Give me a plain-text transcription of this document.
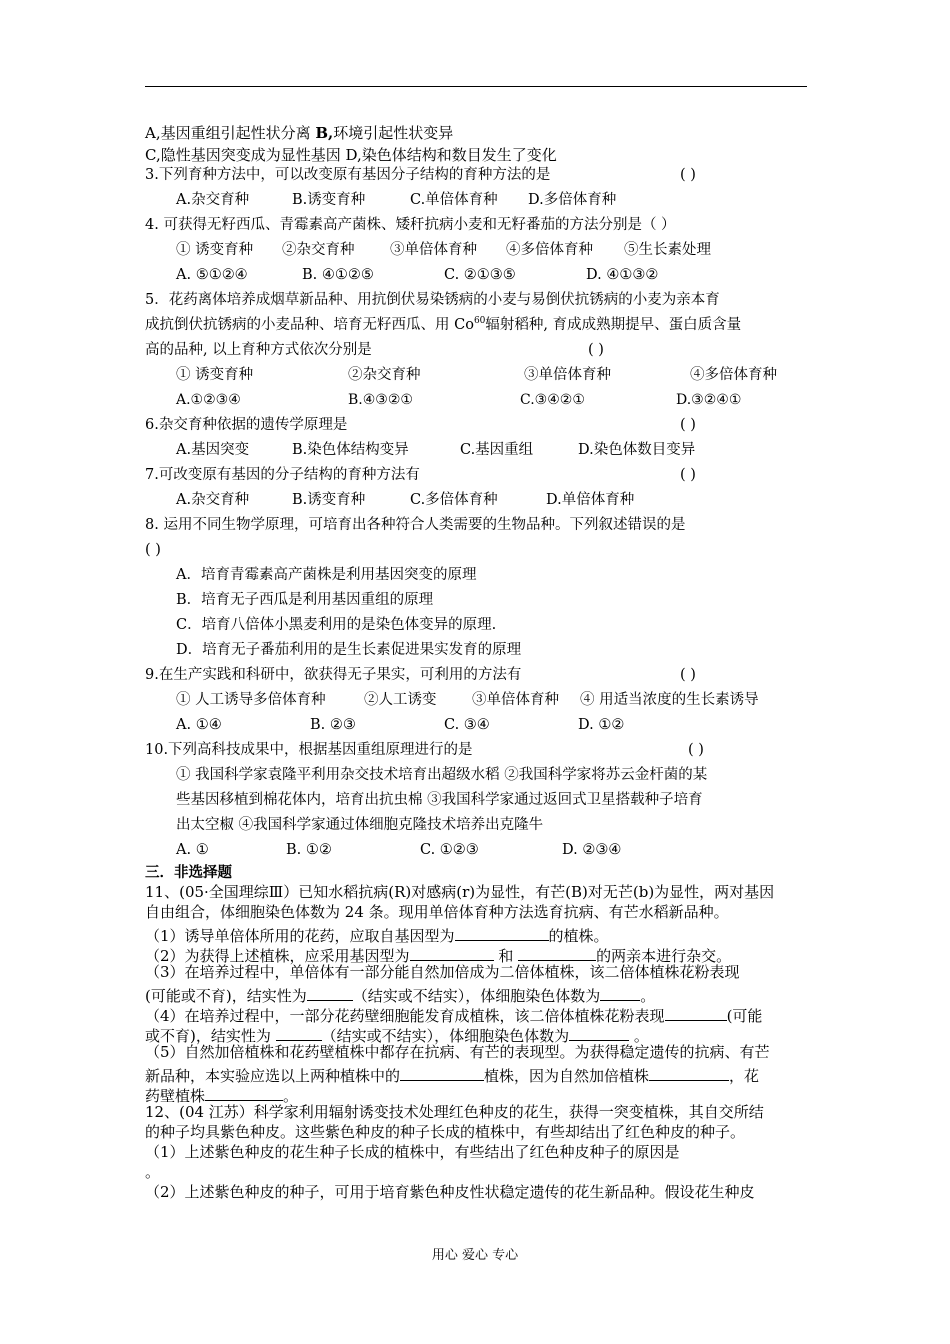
A,基因重组引起性状分离 B,环境引起性状变异
C,隐性基因突变成为显性基因 D,染色体结构和数目发生了变化
3.下列育种方法中，可以改变原有基因分子结构的育种方法的是	( )
A.杂交育种	B.诱变育种	C.单倍体育种 D.多倍体育种
4. 可获得无籽西瓜、青霉素高产菌株、矮秆抗病小麦和无籽番茄的方法分别是（ ）
① 诱变育种 ②杂交育种 ③单倍体育种 ④多倍体育种 ⑤生长素处理
A. ⑤①②④	B. ④①②⑤	C. ②①③⑤	D. ④①③②
5．花药离体培养成烟草新品种、用抗倒伏易染锈病的小麦与易倒伏抗锈病的小麦为亲本育
成抗倒伏抗锈病的小麦品种、培育无籽西瓜、用 Co$^{60}$辐射稻种, 育成成熟期提早、蛋白质含量
高的品种, 以上育种方式依次分别是	( )
① 诱变育种	②杂交育种	③单倍体育种	④多倍体育种
A.①②③④	B.④③②①	C.③④②①	D.③②④①
6.杂交育种依据的遗传学原理是	( )
A.基因突变	B.染色体结构变异	C.基因重组	D.染色体数目变异
7.可改变原有基因的分子结构的育种方法有	( )
A.杂交育种	B.诱变育种	C.多倍体育种	D.单倍体育种
8. 运用不同生物学原理，可培育出各种符合人类需要的生物品种。下列叙述错误的是
( )
A．培育青霉素高产菌株是利用基因突变的原理
B．培育无子西瓜是利用基因重组的原理
C．培育八倍体小黑麦利用的是染色体变异的原理.
D．培育无子番茄利用的是生长素促进果实发育的原理
9.在生产实践和科研中，欲获得无子果实，可利用的方法有	( )
① 人工诱导多倍体育种	②人工诱变 ③单倍体育种 ④ 用适当浓度的生长素诱导
A. ①④	B. ②③	C. ③④	D. ①②
10.下列高科技成果中，根据基因重组原理进行的是	( )
① 我国科学家袁隆平利用杂交技术培育出超级水稻 ②我国科学家将苏云金杆菌的某
些基因移植到棉花体内，培育出抗虫棉 ③我国科学家通过返回式卫星搭载种子培育
出太空椒 ④我国科学家通过体细胞克隆技术培养出克隆牛
A. ①	B. ①②	C. ①②③	D. ②③④
三．非选择题
11、(05·全国理综Ⅲ）已知水稻抗病(R)对感病(r)为显性，有芒(B)对无芒(b)为显性，两对基因
自由组合，体细胞染色体数为 24 条。现用单倍体育种方法选育抗病、有芒水稻新品种。
（1）诱导单倍体所用的花药，应取自基因型为	的植株。
（2）为获得上述植株，应采用基因型为	和	的两亲本进行杂交。
（3）在培养过程中，单倍体有一部分能自然加倍成为二倍体植株，该二倍体植株花粉表现
(可能或不育)，结实性为	（结实或不结实），体细胞染色体数为	。
（4）在培养过程中，一部分花药壁细胞能发育成植株，该二倍体植株花粉表现	(可能
或不育)，结实性为	（结实或不结实），体细胞染色体数为	。
（5）自然加倍植株和花药壁植株中都存在抗病、有芒的表现型。为获得稳定遗传的抗病、有芒
新品种，本实验应选以上两种植株中的	植株，因为自然加倍植株	，花
药壁植株	。
12、(04 江苏）科学家利用辐射诱变技术处理红色种皮的花生，获得一突变植株，其自交所结
的种子均具紫色种皮。这些紫色种皮的种子长成的植株中，有些却结出了红色种皮的种子。
（1）上述紫色种皮的花生种子长成的植株中，有些结出了红色种皮种子的原因是
。
（2）上述紫色种皮的种子，可用于培育紫色种皮性状稳定遗传的花生新品种。假设花生种皮
用心 爱心 专心
